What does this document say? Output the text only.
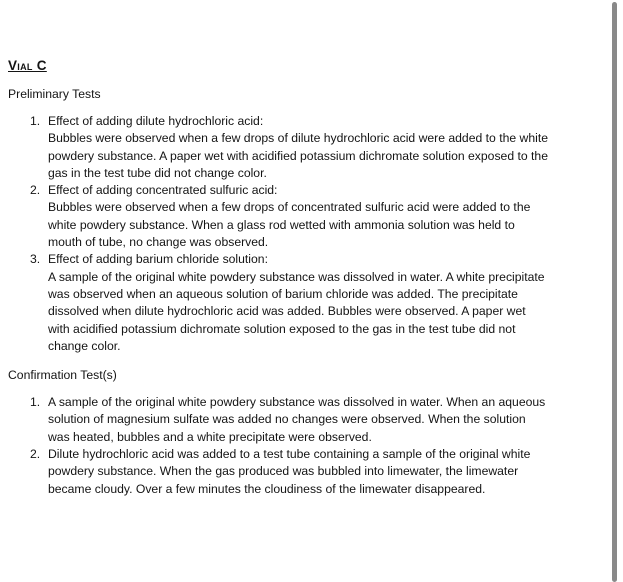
Vial C
Preliminary Tests
1. Effect of adding dilute hydrochloric acid:
Bubbles were observed when a few drops of dilute hydrochloric acid were added to the white powdery substance. A paper wet with acidified potassium dichromate solution exposed to the gas in the test tube did not change color.
2. Effect of adding concentrated sulfuric acid:
Bubbles were observed when a few drops of concentrated sulfuric acid were added to the white powdery substance. When a glass rod wetted with ammonia solution was held to mouth of tube, no change was observed.
3. Effect of adding barium chloride solution:
A sample of the original white powdery substance was dissolved in water. A white precipitate was observed when an aqueous solution of barium chloride was added. The precipitate dissolved when dilute hydrochloric acid was added. Bubbles were observed. A paper wet with acidified potassium dichromate solution exposed to the gas in the test tube did not change color.
Confirmation Test(s)
1. A sample of the original white powdery substance was dissolved in water. When an aqueous solution of magnesium sulfate was added no changes were observed. When the solution was heated, bubbles and a white precipitate were observed.
2. Dilute hydrochloric acid was added to a test tube containing a sample of the original white powdery substance. When the gas produced was bubbled into limewater, the limewater became cloudy. Over a few minutes the cloudiness of the limewater disappeared.
